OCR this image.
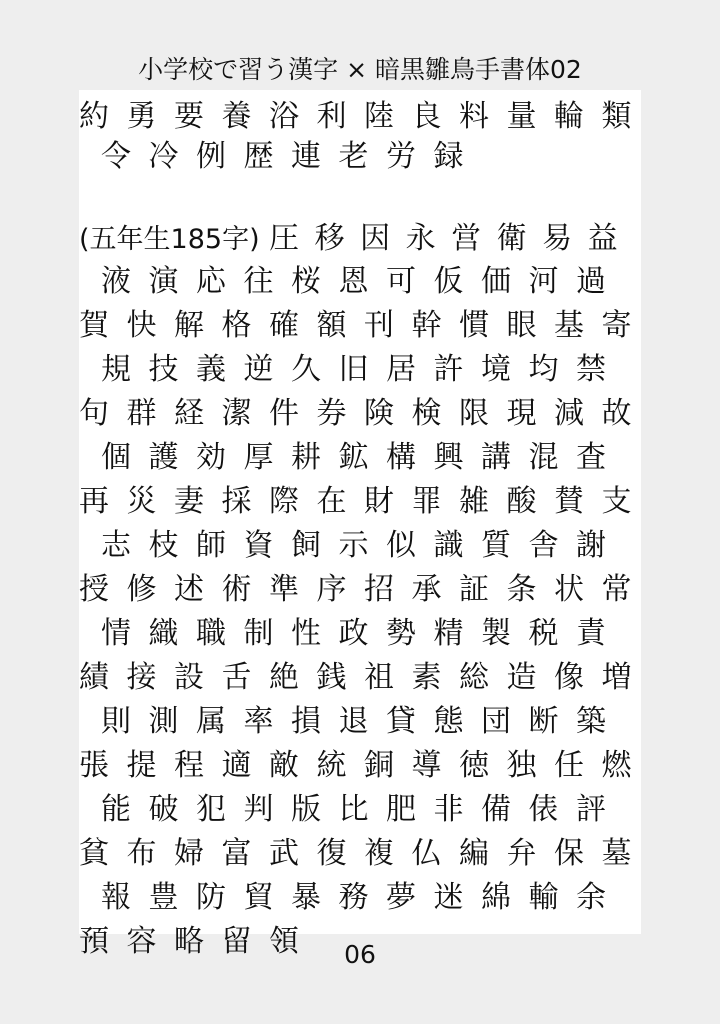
小学校で習う漢字 × 暗黒雛鳥手書体02
約勇要養浴利陸良料量輪類
令冷例歴連老労録
(五年生185字) 圧移因永営衛易益
液演応往桜恩可仮価河過
賀快解格確額刊幹慣眼基寄
規技義逆久旧居許境均禁
句群経潔件券険検限現減故
個護効厚耕鉱構興講混査
再災妻採際在財罪雑酸賛支
志枝師資飼示似識質舎謝
授修述術準序招承証条状常
情織職制性政勢精製税責
績接設舌絶銭祖素総造像増
則測属率損退貸態団断築
張提程適敵統銅導徳独任燃
能破犯判版比肥非備俵評
貧布婦富武復複仏編弁保墓
報豊防貿暴務夢迷綿輸余
預容略留領	06
